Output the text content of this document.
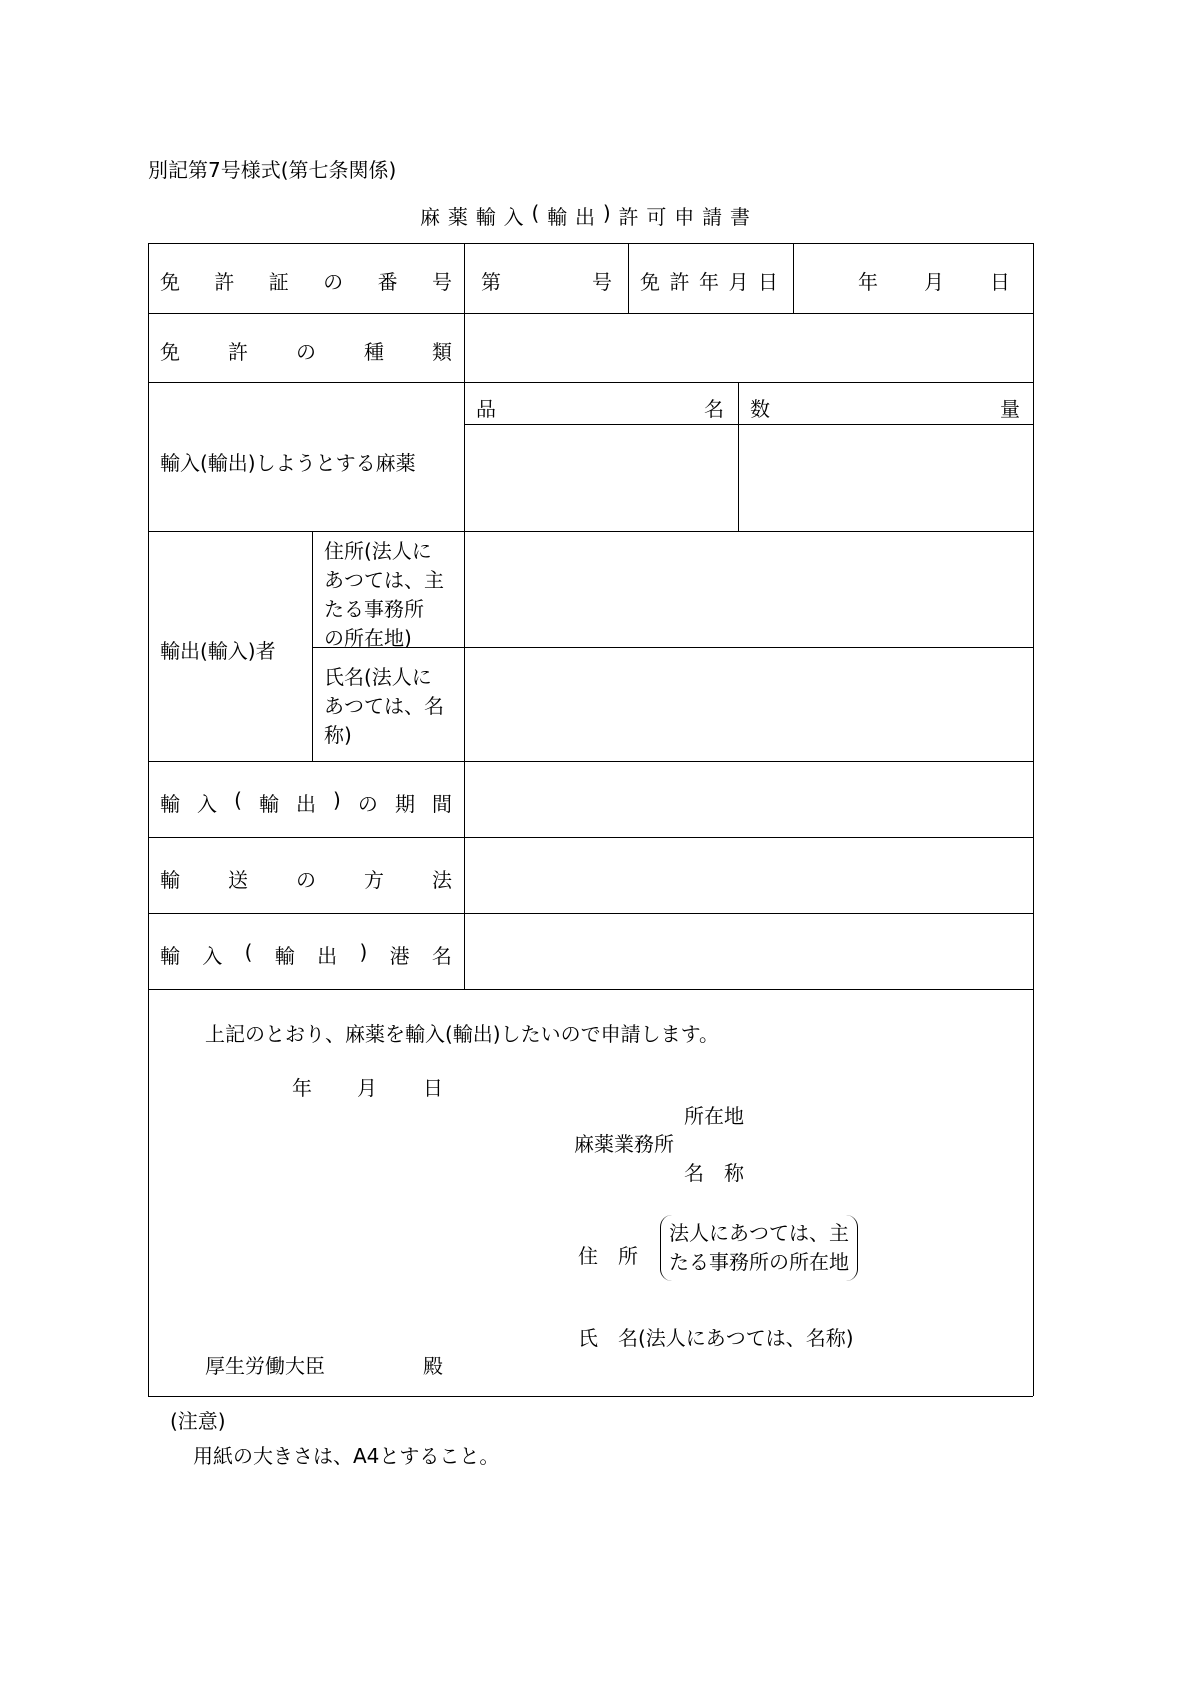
別記第7号様式(第七条関係)
麻 薬 輸 入 ( 輸 出 ) 許 可 申 請 書
免 許 証 の 番 号 第	号 免 許 年 月 日	年 月 日
免 許 の 種 類
輸入(輸出)しようとする麻薬
品	名 数	量
輸出(輸入)者
住所(法人に
あつては、主
たる事務所
の所在地)
氏名(法人に
あつては、名
称)
輸 入 ( 輸 出 ) の 期 間
輸 送 の 方 法
輸 入 ( 輸 出 ) 港 名
上記のとおり、麻薬を輸入(輸出)したいので申請します。
年 月 日
所在地
麻薬業務所
名　称
住　所
法人にあつては、主
たる事務所の所在地
氏　名(法人にあつては、名称)
厚生労働大臣	殿
(注意)
用紙の大きさは、A4とすること。
